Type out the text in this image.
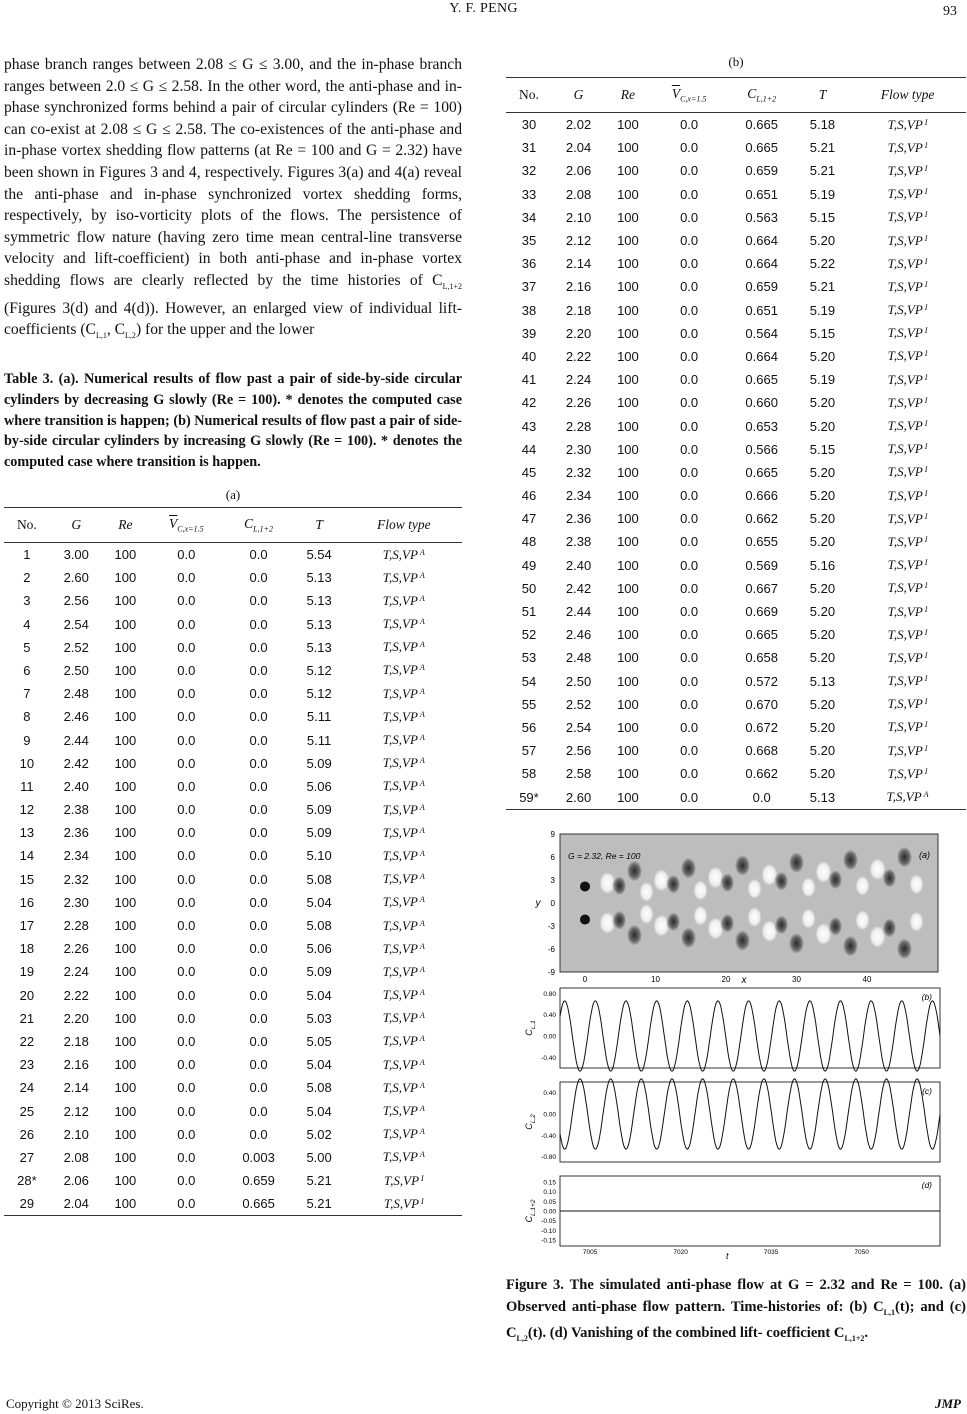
Y. F. PENG	93

phase branch ranges between 2.08 ≤ G ≤ 3.00, and the in-phase branch ranges between 2.0 ≤ G ≤ 2.58. In the other word, the anti-phase and in-phase synchronized forms behind a pair of circular cylinders (Re = 100) can co-exist at 2.08 ≤ G ≤ 2.58. The co-existences of the anti-phase and in-phase vortex shedding flow patterns (at Re = 100 and G = 2.32) have been shown in Figures 3 and 4, respectively. Figures 3(a) and 4(a) reveal the anti-phase and in-phase synchronized vortex shedding forms, respectively, by iso-vorticity plots of the flows. The persistence of symmetric flow nature (having zero time mean central-line transverse velocity and lift-coefficient) in both anti-phase and in-phase vortex shedding flows are clearly reflected by the time histories of $C_{L,1+2}$ (Figures 3(d) and 4(d)). However, an enlarged view of individual lift- coefficients ($C_{L,1}$, $C_{L,2}$) for the upper and the lower

Table 3. (a). Numerical results of flow past a pair of side-by-side circular cylinders by decreasing G slowly (Re = 100). * denotes the computed case where transition is happen; (b) Numerical results of flow past a pair of side-by-side circular cylinders by increasing G slowly (Re = 100). * denotes the computed case where transition is happen.

(a)
No.	G	Re	$\overline{V}_{C,x=1.5}$	$C_{L,1+2}$	T	Flow type
1	3.00	100	0.0	0.0	5.54	T,S,VP $^A$
2	2.60	100	0.0	0.0	5.13	T,S,VP $^A$
3	2.56	100	0.0	0.0	5.13	T,S,VP $^A$
4	2.54	100	0.0	0.0	5.13	T,S,VP $^A$
5	2.52	100	0.0	0.0	5.13	T,S,VP $^A$
6	2.50	100	0.0	0.0	5.12	T,S,VP $^A$
7	2.48	100	0.0	0.0	5.12	T,S,VP $^A$
8	2.46	100	0.0	0.0	5.11	T,S,VP $^A$
9	2.44	100	0.0	0.0	5.11	T,S,VP $^A$
10	2.42	100	0.0	0.0	5.09	T,S,VP $^A$
11	2.40	100	0.0	0.0	5.06	T,S,VP $^A$
12	2.38	100	0.0	0.0	5.09	T,S,VP $^A$
13	2.36	100	0.0	0.0	5.09	T,S,VP $^A$
14	2.34	100	0.0	0.0	5.10	T,S,VP $^A$
15	2.32	100	0.0	0.0	5.08	T,S,VP $^A$
16	2.30	100	0.0	0.0	5.04	T,S,VP $^A$
17	2.28	100	0.0	0.0	5.08	T,S,VP $^A$
18	2.26	100	0.0	0.0	5.06	T,S,VP $^A$
19	2.24	100	0.0	0.0	5.09	T,S,VP $^A$
20	2.22	100	0.0	0.0	5.04	T,S,VP $^A$
21	2.20	100	0.0	0.0	5.03	T,S,VP $^A$
22	2.18	100	0.0	0.0	5.05	T,S,VP $^A$
23	2.16	100	0.0	0.0	5.04	T,S,VP $^A$
24	2.14	100	0.0	0.0	5.08	T,S,VP $^A$
25	2.12	100	0.0	0.0	5.04	T,S,VP $^A$
26	2.10	100	0.0	0.0	5.02	T,S,VP $^A$
27	2.08	100	0.0	0.003	5.00	T,S,VP $^A$
28*	2.06	100	0.0	0.659	5.21	T,S,VP $^I$
29	2.04	100	0.0	0.665	5.21	T,S,VP $^I$
(b)
No.	G	Re	$\overline{V}_{C,x=1.5}$	$C_{L,1+2}$	T	Flow type
30	2.02	100	0.0	0.665	5.18	T,S,VP $^I$
31	2.04	100	0.0	0.665	5.21	T,S,VP $^I$
32	2.06	100	0.0	0.659	5.21	T,S,VP $^I$
33	2.08	100	0.0	0.651	5.19	T,S,VP $^I$
34	2.10	100	0.0	0.563	5.15	T,S,VP $^I$
35	2.12	100	0.0	0.664	5.20	T,S,VP $^I$
36	2.14	100	0.0	0.664	5.22	T,S,VP $^I$
37	2.16	100	0.0	0.659	5.21	T,S,VP $^I$
38	2.18	100	0.0	0.651	5.19	T,S,VP $^I$
39	2.20	100	0.0	0.564	5.15	T,S,VP $^I$
40	2.22	100	0.0	0.664	5.20	T,S,VP $^I$
41	2.24	100	0.0	0.665	5.19	T,S,VP $^I$
42	2.26	100	0.0	0.660	5.20	T,S,VP $^I$
43	2.28	100	0.0	0.653	5.20	T,S,VP $^I$
44	2.30	100	0.0	0.566	5.15	T,S,VP $^I$
45	2.32	100	0.0	0.665	5.20	T,S,VP $^I$
46	2.34	100	0.0	0.666	5.20	T,S,VP $^I$
47	2.36	100	0.0	0.662	5.20	T,S,VP $^I$
48	2.38	100	0.0	0.655	5.20	T,S,VP $^I$
49	2.40	100	0.0	0.569	5.16	T,S,VP $^I$
50	2.42	100	0.0	0.667	5.20	T,S,VP $^I$
51	2.44	100	0.0	0.669	5.20	T,S,VP $^I$
52	2.46	100	0.0	0.665	5.20	T,S,VP $^I$
53	2.48	100	0.0	0.658	5.20	T,S,VP $^I$
54	2.50	100	0.0	0.572	5.13	T,S,VP $^I$
55	2.52	100	0.0	0.670	5.20	T,S,VP $^I$
56	2.54	100	0.0	0.672	5.20	T,S,VP $^I$
57	2.56	100	0.0	0.668	5.20	T,S,VP $^I$
58	2.58	100	0.0	0.662	5.20	T,S,VP $^I$
59*	2.60	100	0.0	0.0	5.13	T,S,VP $^A$
9
6
3
0
-3
-6
-9
0	10	20	30	40
y
x
G = 2.32, Re = 100	(a)
0.80
0.40
0.00
-0.40
$C_{L,1}$
(b)
0.40
0.00
-0.40
-0.80
$C_{L,2}$
(c)
0.15
0.10
0.05
0.00
-0.05
-0.10
-0.15
$C_{L,1+2}$
(d)
7005	7020	7035	7050
t

Figure 3. The simulated anti-phase flow at G = 2.32 and Re = 100. (a) Observed anti-phase flow pattern. Time-histories of: (b) $C_{L,1}(t)$; and (c) $C_{L,2}(t)$. (d) Vanishing of the combined lift- coefficient $C_{L,1+2}$.

Copyright © 2013 SciRes.	JMP
